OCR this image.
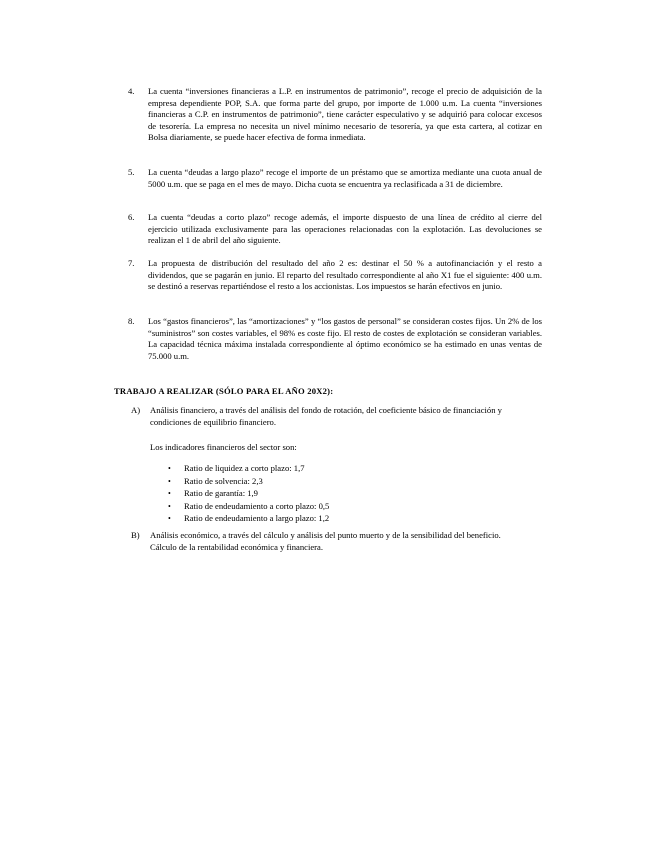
4.	La cuenta “inversiones financieras a L.P. en instrumentos de patrimonio”, recoge el precio de adquisición de la empresa dependiente POP, S.A. que forma parte del grupo, por importe de 1.000 u.m. La cuenta “inversiones financieras a C.P. en instrumentos de patrimonio”, tiene carácter especulativo y se adquirió para colocar excesos de tesorería. La empresa no necesita un nivel mínimo necesario de tesorería, ya que esta cartera, al cotizar en Bolsa diariamente, se puede hacer efectiva de forma inmediata.
5.	La cuenta “deudas a largo plazo” recoge el importe de un préstamo que se amortiza mediante una cuota anual de 5000 u.m. que se paga en el mes de mayo. Dicha cuota se encuentra ya reclasificada a 31 de diciembre.
6.	La cuenta “deudas a corto plazo” recoge además, el importe dispuesto de una línea de crédito al cierre del ejercicio utilizada exclusivamente para las operaciones relacionadas con la explotación. Las devoluciones se realizan el 1 de abril del año siguiente.
7.	La propuesta de distribución del resultado del año 2 es: destinar el 50 % a autofinanciación y el resto a dividendos, que se pagarán en junio. El reparto del resultado correspondiente al año X1 fue el siguiente: 400 u.m. se destinó a reservas repartiéndose el resto a los accionistas. Los impuestos se harán efectivos en junio.
8.	Los “gastos financieros”, las “amortizaciones” y “los gastos de personal” se consideran costes fijos. Un 2% de los “suministros” son costes variables, el 98% es coste fijo. El resto de costes de explotación se consideran variables. La capacidad técnica máxima instalada correspondiente al óptimo económico se ha estimado en unas ventas de 75.000 u.m.
TRABAJO A REALIZAR (SÓLO PARA EL AÑO 20X2):
A) Análisis financiero, a través del análisis del fondo de rotación, del coeficiente básico de financiación y condiciones de equilibrio financiero.
Los indicadores financieros del sector son:
• Ratio de liquidez a corto plazo: 1,7
• Ratio de solvencia: 2,3
• Ratio de garantía: 1,9
• Ratio de endeudamiento a corto plazo: 0,5
• Ratio de endeudamiento a largo plazo: 1,2
B) Análisis económico, a través del cálculo y análisis del punto muerto y de la sensibilidad del beneficio. Cálculo de la rentabilidad económica y financiera.
